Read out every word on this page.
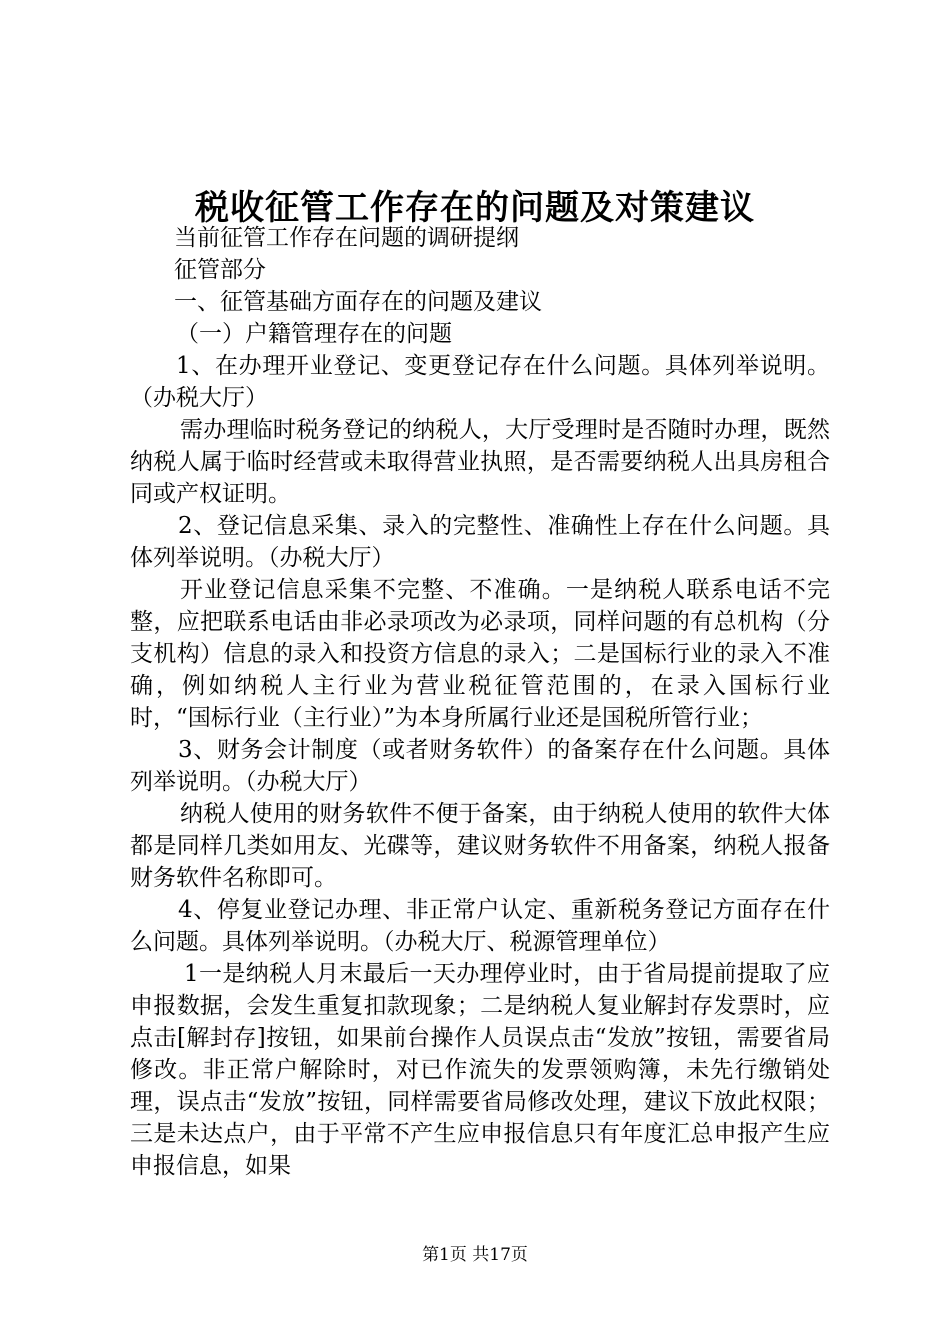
税收征管工作存在的问题及对策建议

当前征管工作存在问题的调研提纲

征管部分

一、征管基础方面存在的问题及建议

（一）户籍管理存在的问题

1、在办理开业登记、变更登记存在什么问题。具体列举说明。（办税大厅）

需办理临时税务登记的纳税人，大厅受理时是否随时办理，既然纳税人属于临时经营或未取得营业执照，是否需要纳税人出具房租合同或产权证明。

2、登记信息采集、录入的完整性、准确性上存在什么问题。具体列举说明。（办税大厅）

开业登记信息采集不完整、不准确。一是纳税人联系电话不完整，应把联系电话由非必录项改为必录项，同样问题的有总机构（分支机构）信息的录入和投资方信息的录入；二是国标行业的录入不准确，例如纳税人主行业为营业税征管范围的，在录入国标行业时，“国标行业（主行业）”为本身所属行业还是国税所管行业；

3、财务会计制度（或者财务软件）的备案存在什么问题。具体列举说明。（办税大厅）

纳税人使用的财务软件不便于备案，由于纳税人使用的软件大体都是同样几类如用友、光碟等，建议财务软件不用备案，纳税人报备财务软件名称即可。

4、停复业登记办理、非正常户认定、重新税务登记方面存在什么问题。具体列举说明。（办税大厅、税源管理单位）

1一是纳税人月末最后一天办理停业时，由于省局提前提取了应申报数据，会发生重复扣款现象；二是纳税人复业解封存发票时，应点击[解封存]按钮，如果前台操作人员误点击“发放”按钮，需要省局修改。非正常户解除时，对已作流失的发票领购簿，未先行缴销处理，误点击“发放”按钮，同样需要省局修改处理，建议下放此权限；三是未达点户，由于平常不产生应申报信息只有年度汇总申报产生应申报信息，如果

第1页 共17页
